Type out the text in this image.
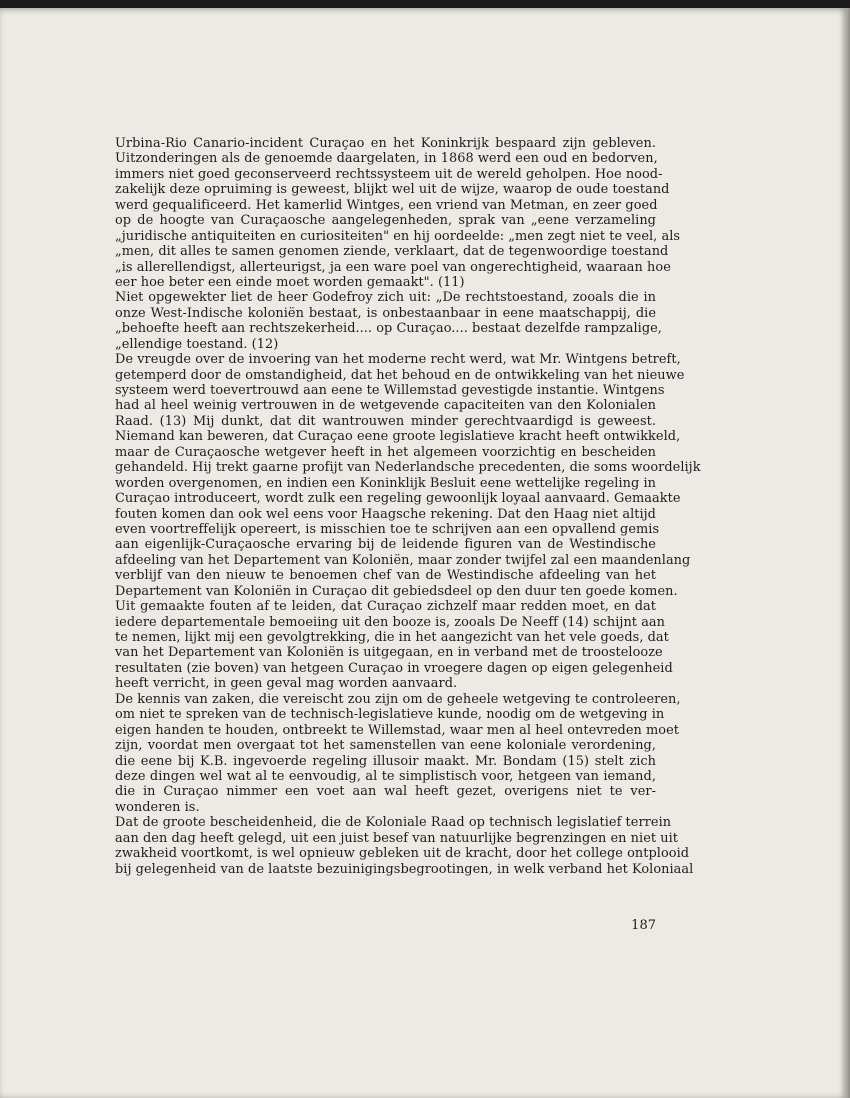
Urbina-Rio Canario-incident Curaçao en het Koninkrijk bespaard zijn gebleven.
Uitzonderingen als de genoemde daargelaten, in 1868 werd een oud en bedorven,
immers niet goed geconserveerd rechtssysteem uit de wereld geholpen. Hoe nood-
zakelijk deze opruiming is geweest, blijkt wel uit de wijze, waarop de oude toestand
werd gequalificeerd. Het kamerlid Wintges, een vriend van Metman, en zeer goed
op de hoogte van Curaçaosche aangelegenheden, sprak van „eene verzameling
„juridische antiquiteiten en curiositeiten" en hij oordeelde: „men zegt niet te veel, als
„men, dit alles te samen genomen ziende, verklaart, dat de tegenwoordige toestand
„is allerellendigst, allerteurigst, ja een ware poel van ongerechtigheid, waaraan hoe
eer hoe beter een einde moet worden gemaakt". (11)
Niet opgewekter liet de heer Godefroy zich uit: „De rechtstoestand, zooals die in
onze West-Indische koloniën bestaat, is onbestaanbaar in eene maatschappij, die
„behoefte heeft aan rechtszekerheid.... op Curaçao.... bestaat dezelfde rampzalige,
„ellendige toestand. (12)
De vreugde over de invoering van het moderne recht werd, wat Mr. Wintgens betreft,
getemperd door de omstandigheid, dat het behoud en de ontwikkeling van het nieuwe
systeem werd toevertrouwd aan eene te Willemstad gevestigde instantie. Wintgens
had al heel weinig vertrouwen in de wetgevende capaciteiten van den Kolonialen
Raad. (13) Mij dunkt, dat dit wantrouwen minder gerechtvaardigd is geweest.
Niemand kan beweren, dat Curaçao eene groote legislatieve kracht heeft ontwikkeld,
maar de Curaçaosche wetgever heeft in het algemeen voorzichtig en bescheiden
gehandeld. Hij trekt gaarne profijt van Nederlandsche precedenten, die soms woordelijk
worden overgenomen, en indien een Koninklijk Besluit eene wettelijke regeling in
Curaçao introduceert, wordt zulk een regeling gewoonlijk loyaal aanvaard. Gemaakte
fouten komen dan ook wel eens voor Haagsche rekening. Dat den Haag niet altijd
even voortreffelijk opereert, is misschien toe te schrijven aan een opvallend gemis
aan eigenlijk-Curaçaosche ervaring bij de leidende figuren van de Westindische
afdeeling van het Departement van Koloniën, maar zonder twijfel zal een maandenlang
verblijf van den nieuw te benoemen chef van de Westindische afdeeling van het
Departement van Koloniën in Curaçao dit gebiedsdeel op den duur ten goede komen.
Uit gemaakte fouten af te leiden, dat Curaçao zichzelf maar redden moet, en dat
iedere departementale bemoeiing uit den booze is, zooals De Neeff (14) schijnt aan
te nemen, lijkt mij een gevolgtrekking, die in het aangezicht van het vele goeds, dat
van het Departement van Koloniën is uitgegaan, en in verband met de troostelooze
resultaten (zie boven) van hetgeen Curaçao in vroegere dagen op eigen gelegenheid
heeft verricht, in geen geval mag worden aanvaard.
De kennis van zaken, die vereischt zou zijn om de geheele wetgeving te controleeren,
om niet te spreken van de technisch-legislatieve kunde, noodig om de wetgeving in
eigen handen te houden, ontbreekt te Willemstad, waar men al heel ontevreden moet
zijn, voordat men overgaat tot het samenstellen van eene koloniale verordening,
die eene bij K.B. ingevoerde regeling illusoir maakt. Mr. Bondam (15) stelt zich
deze dingen wel wat al te eenvoudig, al te simplistisch voor, hetgeen van iemand,
die in Curaçao nimmer een voet aan wal heeft gezet, overigens niet te ver-
wonderen is.
Dat de groote bescheidenheid, die de Koloniale Raad op technisch legislatief terrein
aan den dag heeft gelegd, uit een juist besef van natuurlijke begrenzingen en niet uit
zwakheid voortkomt, is wel opnieuw gebleken uit de kracht, door het college ontplooid
bij gelegenheid van de laatste bezuinigingsbegrootingen, in welk verband het Koloniaal
187
